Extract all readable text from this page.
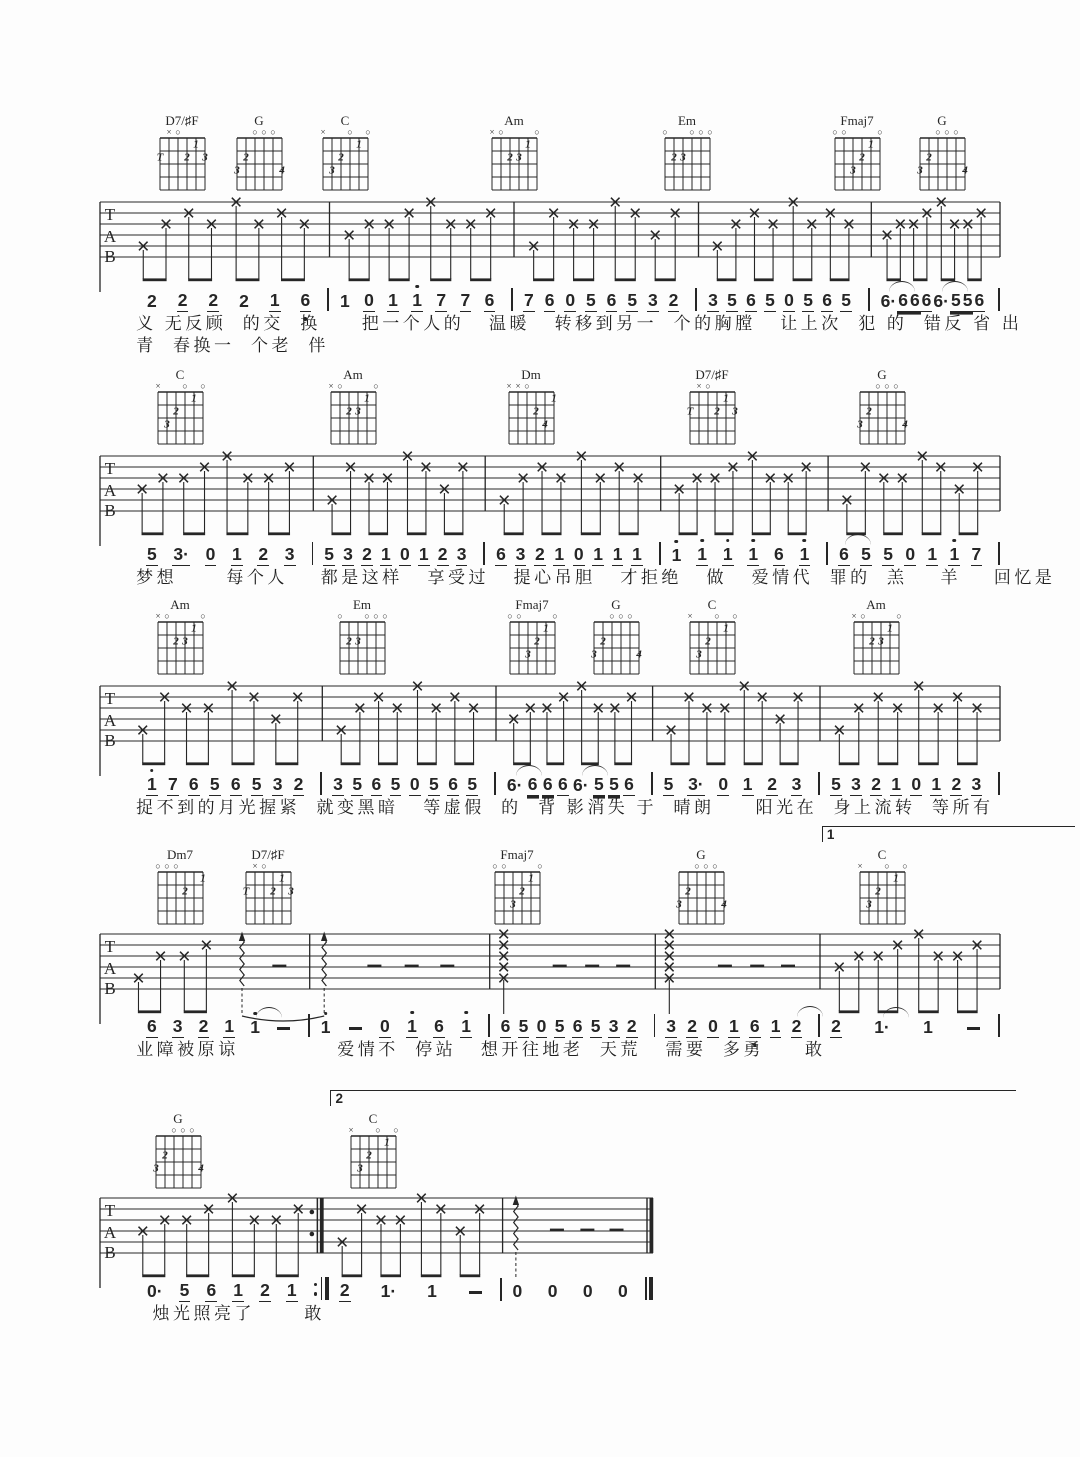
D7/♯F
○
×
1
T 2 3
G
○
○
○
2
3	4
C
○
○
×
1
2
3
Am
○
○
×
1
2 3
Em
○
○
○
○
2 3
Fmaj7
○
○
○
1
2
3
G
○
○
○
2
3	4
T
A
B
2 2 2 2 1 6 1 0 1 1 7 7 6 7 6 0 5 6 5 3 2 3 5 6 5 0 5 6 5 6· 6 6 6 6· 5 5 6
义 无反顾  的交  换     把一个人的   温暖   转移到另一  个的胸膛   让上次  犯 的  错反 省 出
青  春换一  个老  伴
C
○
○
×
1
2
3
Am
○
○
×
1
2 3
Dm
○
×
×
1
2
4
D7/♯F
○
×
1
T 2 3
G
○
○
○
2
3	4
T
A
B
5 3· 0 1 2 3 5 3 2 1 0 1 2 3 6 3 2 1 0 1 1 1 1 1 1 1 6 1 6 5 5 0 1 1 7
梦想      每个人    都是这样   享受过   提心吊胆   才拒绝   做   爱情代  罪的  羔    羊    回忆是
Am
○
○
×
1
2 3
Em
○
○
○
○
2 3
Fmaj7
○
○
○
1
2
3
G
○
○
○
2
3	4
C
○
○
×
1
2
3
Am
○
○
×
1
2 3
T
A
B
1 7 6 5 6 5 3 2 3 5 6 5 0 5 6 5 6· 6 6 6 6· 5 5 6 5 3· 0 1 2 3 5 3 2 1 0 1 2 3
捉不到的月光握紧  就变黑暗   等虚假  的  背 影消失 于  晴朗     阳光在  身上流转  等所有
1
Dm7
○
○
○
1
2
D7/♯F
○
×
1
T 2 3
Fmaj7
○
○
○
1
2
3
G
○
○
○
2
3	4
C
○
○
×
1
2
3
T
A
B
6 3 2 1 1	1	0 1 6 1 6 5 0 5 6 5 3 2 3 2 0 1 6 1 2 2 1· 1
业障被原谅            爱情不  停站   想开往地老  天荒   需要  多勇     敢
2
G
○
○
○
2
3	4
C
○
○
×
1
2
3
T
A
B
0· 5 6 1 2 1 2 1· 1	0 0 0 0
烛光照亮了      敢
